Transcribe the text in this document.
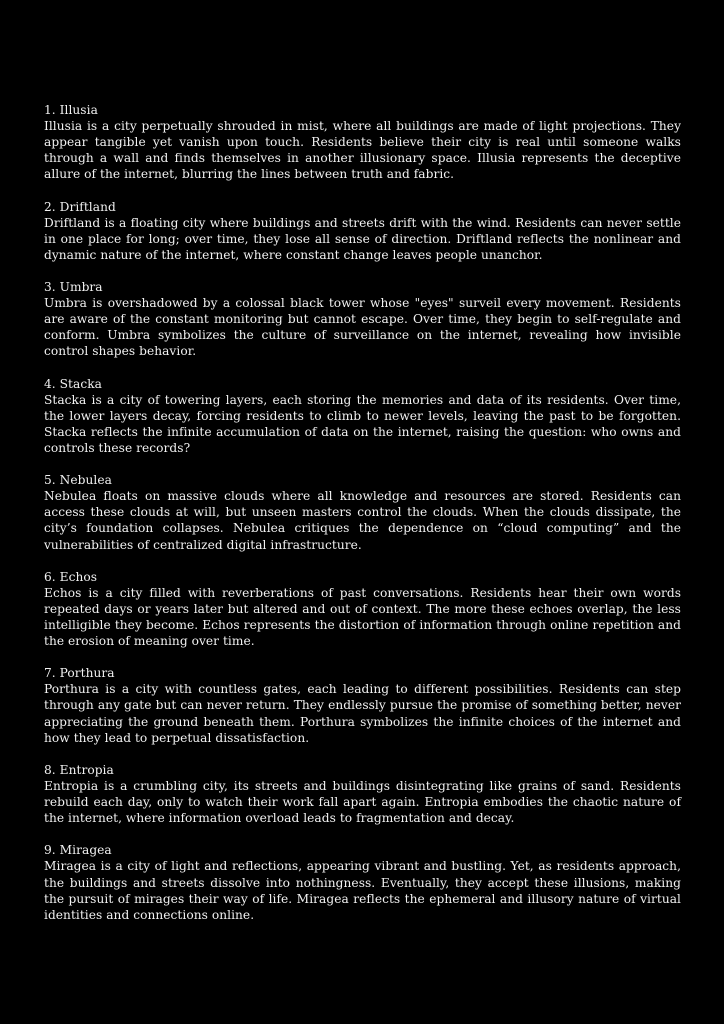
1. Illusia

Illusia is a city perpetually shrouded in mist, where all buildings are made of light projections. They appear tangible yet vanish upon touch. Residents believe their city is real until someone walks through a wall and finds themselves in another illusionary space. Illusia represents the deceptive allure of the internet, blurring the lines between truth and fabric.

2. Driftland

Driftland is a floating city where buildings and streets drift with the wind. Residents can never settle in one place for long; over time, they lose all sense of direction. Driftland reflects the nonlinear and dynamic nature of the internet, where constant change leaves people unanchor.

3. Umbra

Umbra is overshadowed by a colossal black tower whose "eyes" surveil every movement. Residents are aware of the constant monitoring but cannot escape. Over time, they begin to self-regulate and conform. Umbra symbolizes the culture of surveillance on the internet, revealing how invisible control shapes behavior.

4. Stacka

Stacka is a city of towering layers, each storing the memories and data of its residents. Over time, the lower layers decay, forcing residents to climb to newer levels, leaving the past to be forgotten. Stacka reflects the infinite accumulation of data on the internet, raising the question: who owns and controls these records?

5. Nebulea

Nebulea floats on massive clouds where all knowledge and resources are stored. Residents can access these clouds at will, but unseen masters control the clouds. When the clouds dissipate, the city’s foundation collapses. Nebulea critiques the dependence on “cloud computing” and the vulnerabilities of centralized digital infrastructure.

6. Echos

Echos is a city filled with reverberations of past conversations. Residents hear their own words repeated days or years later but altered and out of context. The more these echoes overlap, the less intelligible they become. Echos represents the distortion of information through online repetition and the erosion of meaning over time.

7. Porthura

Porthura is a city with countless gates, each leading to different possibilities. Residents can step through any gate but can never return. They endlessly pursue the promise of something better, never appreciating the ground beneath them. Porthura symbolizes the infinite choices of the internet and how they lead to perpetual dissatisfaction.

8. Entropia

Entropia is a crumbling city, its streets and buildings disintegrating like grains of sand. Residents rebuild each day, only to watch their work fall apart again. Entropia embodies the chaotic nature of the internet, where information overload leads to fragmentation and decay.

9. Miragea

Miragea is a city of light and reflections, appearing vibrant and bustling. Yet, as residents approach, the buildings and streets dissolve into nothingness. Eventually, they accept these illusions, making the pursuit of mirages their way of life. Miragea reflects the ephemeral and illusory nature of virtual identities and connections online.
